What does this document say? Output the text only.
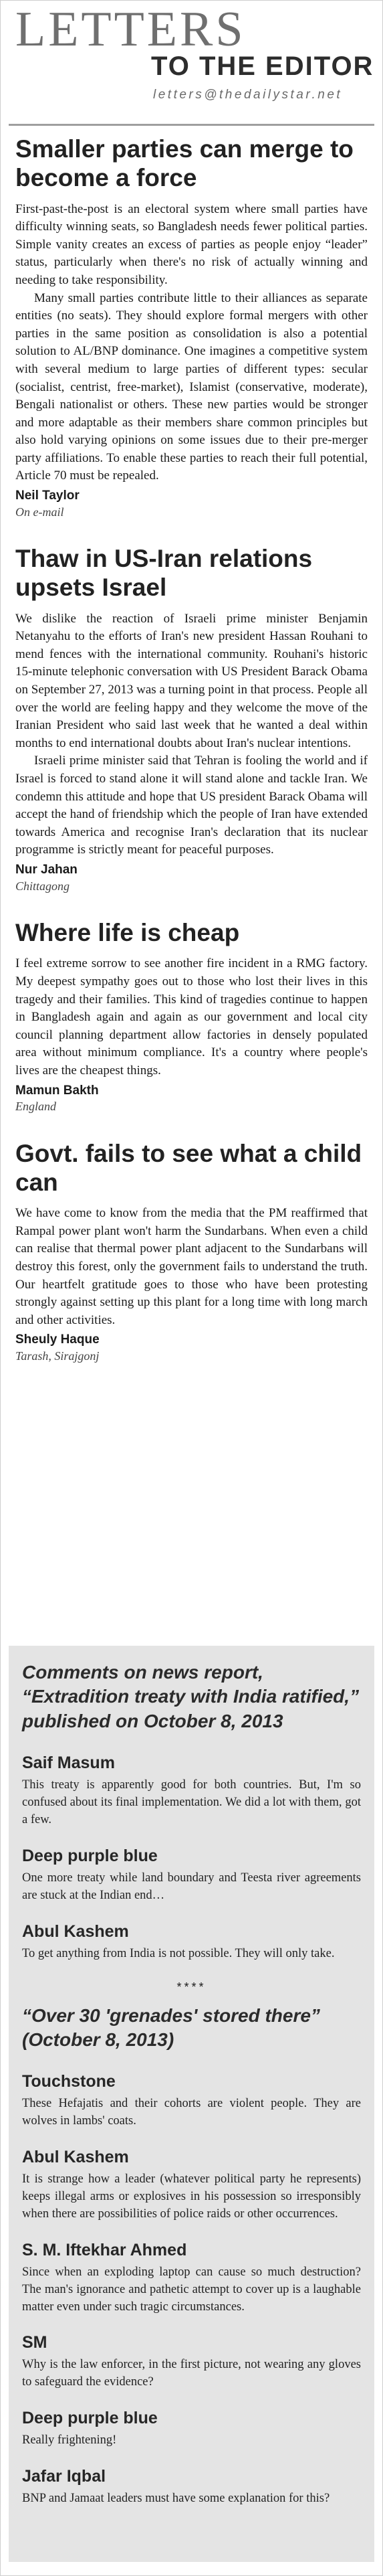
LETTERS
TO THE EDITOR
letters@thedailystar.net
Smaller parties can merge to become a force

First-past-the-post is an electoral system where small parties have difficulty winning seats, so Bangladesh needs fewer political parties. Simple vanity creates an excess of parties as people enjoy “leader” status, particularly when there's no risk of actually winning and needing to take responsibility.

Many small parties contribute little to their alliances as separate entities (no seats). They should explore formal mergers with other parties in the same position as consolidation is also a potential solution to AL/BNP dominance. One imagines a competitive system with several medium to large parties of different types: secular (socialist, centrist, free-market), Islamist (conservative, moderate), Bengali nationalist or others. These new parties would be stronger and more adaptable as their members share common principles but also hold varying opinions on some issues due to their pre-merger party affiliations. To enable these parties to reach their full potential, Article 70 must be repealed.

Neil Taylor
On e-mail
Thaw in US-Iran relations upsets Israel

We dislike the reaction of Israeli prime minister Benjamin Netanyahu to the efforts of Iran's new president Hassan Rouhani to mend fences with the international community. Rouhani's historic 15-minute telephonic conversation with US President Barack Obama on September 27, 2013 was a turning point in that process. People all over the world are feeling happy and they welcome the move of the Iranian President who said last week that he wanted a deal within months to end international doubts about Iran's nuclear intentions.

Israeli prime minister said that Tehran is fooling the world and if Israel is forced to stand alone it will stand alone and tackle Iran. We condemn this attitude and hope that US president Barack Obama will accept the hand of friendship which the people of Iran have extended towards America and recognise Iran's declaration that its nuclear programme is strictly meant for peaceful purposes.

Nur Jahan
Chittagong
Where life is cheap

I feel extreme sorrow to see another fire incident in a RMG factory. My deepest sympathy goes out to those who lost their lives in this tragedy and their families. This kind of tragedies continue to happen in Bangladesh again and again as our government and local city council planning department allow factories in densely populated area without minimum compliance. It's a country where people's lives are the cheapest things.

Mamun Bakth
England
Govt. fails to see what a child can

We have come to know from the media that the PM reaffirmed that Rampal power plant won't harm the Sundarbans. When even a child can realise that thermal power plant adjacent to the Sundarbans will destroy this forest, only the government fails to understand the truth. Our heartfelt gratitude goes to those who have been protesting strongly against setting up this plant for a long time with long march and other activities.

Sheuly Haque
Tarash, Sirajgonj
Comments on news report, “Extradition treaty with India ratified,” published on October 8, 2013
Saif Masum
This treaty is apparently good for both countries. But, I'm so confused about its final implementation. We did a lot with them, got a few.
Deep purple blue
One more treaty while land boundary and Teesta river agreements are stuck at the Indian end…
Abul Kashem
To get anything from India is not possible. They will only take.
****
“Over 30 'grenades' stored there” (October 8, 2013)
Touchstone
These Hefajatis and their cohorts are violent people. They are wolves in lambs' coats.
Abul Kashem
It is strange how a leader (whatever political party he represents) keeps illegal arms or explosives in his possession so irresponsibly when there are possibilities of police raids or other occurrences.
S. M. Iftekhar Ahmed
Since when an exploding laptop can cause so much destruction? The man's ignorance and pathetic attempt to cover up is a laughable matter even under such tragic circumstances.
SM
Why is the law enforcer, in the first picture, not wearing any gloves to safeguard the evidence?
Deep purple blue
Really frightening!
Jafar Iqbal
BNP and Jamaat leaders must have some explanation for this?
